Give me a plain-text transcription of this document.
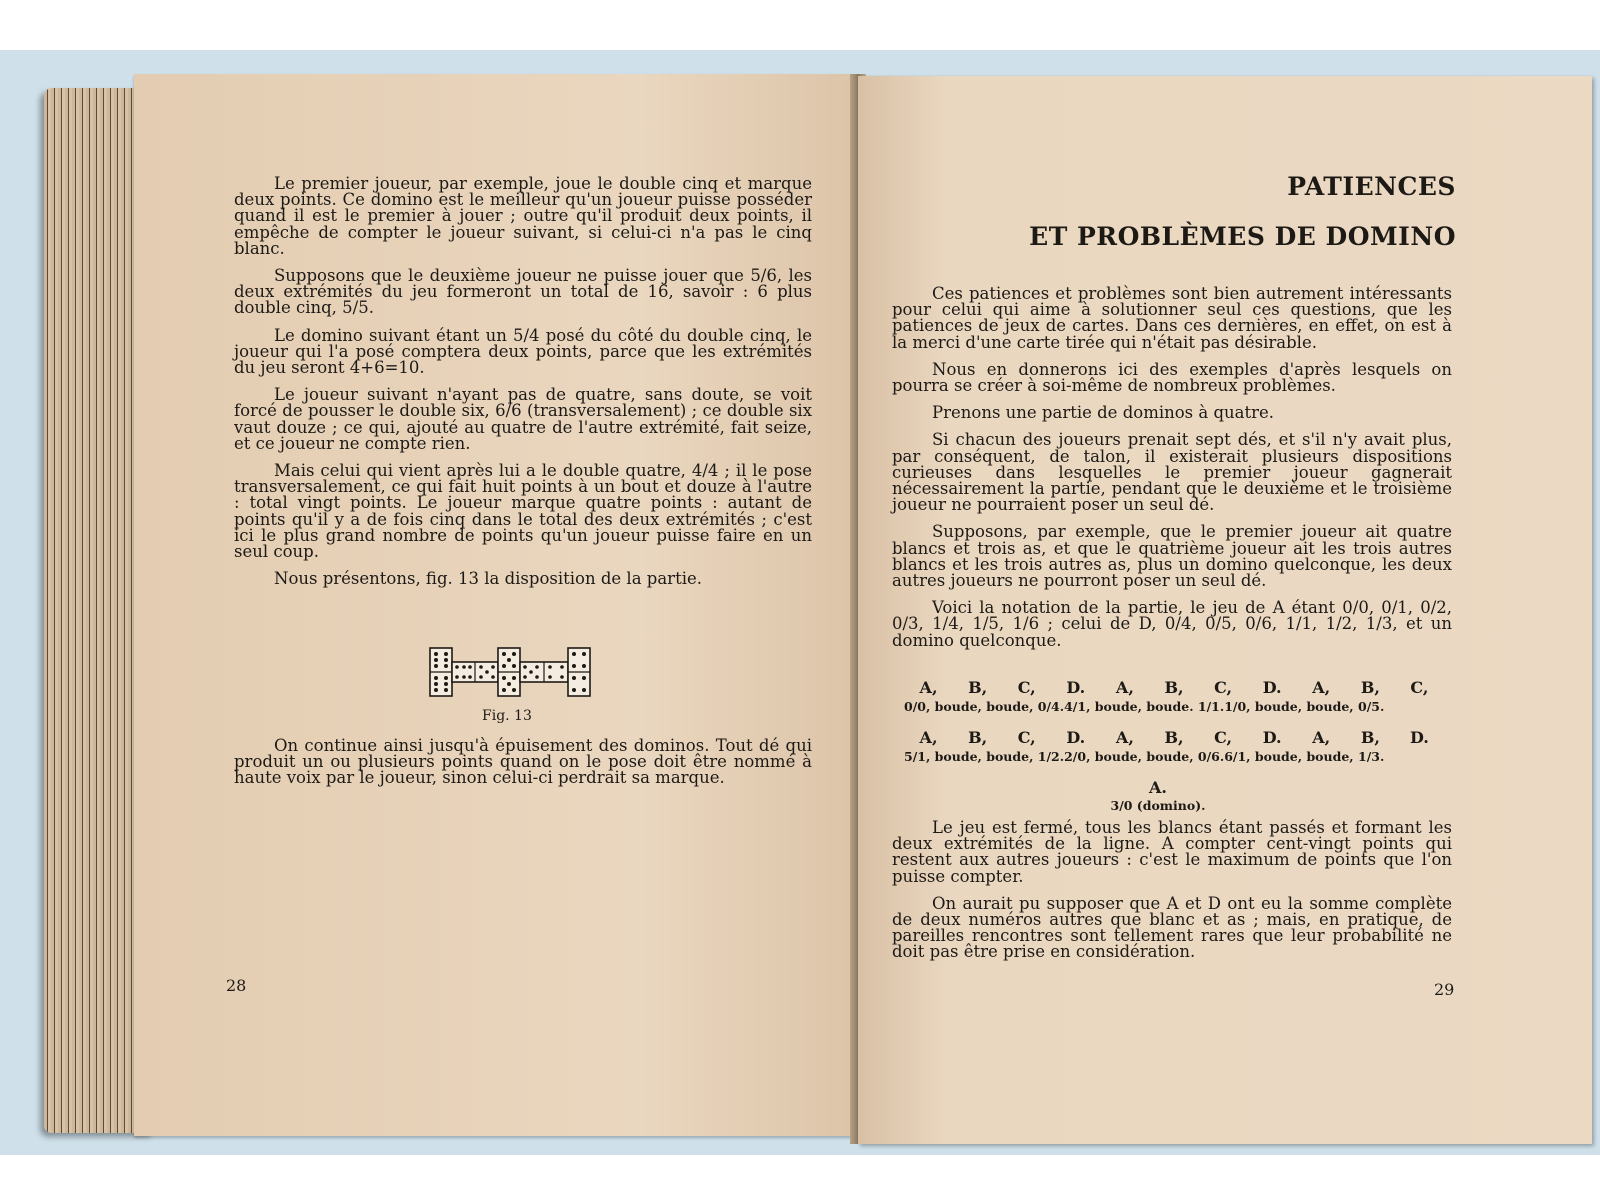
Le premier joueur, par exemple, joue le double cinq et marque deux points. Ce domino est le meilleur qu'un joueur puisse posséder quand il est le premier à jouer ; outre qu'il produit deux points, il empêche de compter le joueur suivant, si celui-ci n'a pas le cinq blanc.

Supposons que le deuxième joueur ne puisse jouer que 5/6, les deux extrémités du jeu formeront un total de 16, savoir : 6 plus double cinq, 5/5.

Le domino suivant étant un 5/4 posé du côté du double cinq, le joueur qui l'a posé comptera deux points, parce que les extrémités du jeu seront 4+6=10.

Le joueur suivant n'ayant pas de quatre, sans doute, se voit forcé de pousser le double six, 6/6 (transversalement) ; ce double six vaut douze ; ce qui, ajouté au quatre de l'autre extrémité, fait seize, et ce joueur ne compte rien.

Mais celui qui vient après lui a le double quatre, 4/4 ; il le pose transversalement, ce qui fait huit points à un bout et douze à l'autre : total vingt points. Le joueur marque quatre points : autant de points qu'il y a de fois cinq dans le total des deux extrémités ; c'est ici le plus grand nombre de points qu'un joueur puisse faire en un seul coup.

Nous présentons, fig. 13 la disposition de la partie.

Fig. 13

On continue ainsi jusqu'à épuisement des dominos. Tout dé qui produit un ou plusieurs points quand on le pose doit être nommé à haute voix par le joueur, sinon celui-ci perdrait sa marque.

28
PATIENCES
ET PROBLÈMES DE DOMINO

Ces patiences et problèmes sont bien autrement intéressants pour celui qui aime à solutionner seul ces questions, que les patiences de jeux de cartes. Dans ces dernières, en effet, on est à la merci d'une carte tirée qui n'était pas désirable.

Nous en donnerons ici des exemples d'après lesquels on pourra se créer à soi-même de nombreux problèmes.

Prenons une partie de dominos à quatre.

Si chacun des joueurs prenait sept dés, et s'il n'y avait plus, par conséquent, de talon, il existerait plusieurs dispositions curieuses dans lesquelles le premier joueur gagnerait nécessairement la partie, pendant que le deuxième et le troisième joueur ne pourraient poser un seul dé.

Supposons, par exemple, que le premier joueur ait quatre blancs et trois as, et que le quatrième joueur ait les trois autres blancs et les trois autres as, plus un domino quelconque, les deux autres joueurs ne pourront poser un seul dé.

Voici la notation de la partie, le jeu de A étant 0/0, 0/1, 0/2, 0/3, 1/4, 1/5, 1/6 ; celui de D, 0/4, 0/5, 0/6, 1/1, 1/2, 1/3, et un domino quelconque.

A,	B,	C,	D.	A,	B,	C,	D.	A,	B,	C,
0/0, boude, boude, 0/4. 4/1, boude, boude. 1/1. 1/0, boude, boude, 0/5.
A,	B,	C,	D.	A,	B,	C,	D.	A,	B,	D.
5/1, boude, boude, 1/2. 2/0, boude, boude, 0/6. 6/1, boude, boude, 1/3.
A.
3/0 (domino).

Le jeu est fermé, tous les blancs étant passés et formant les deux extrémités de la ligne. A compter cent-vingt points qui restent aux autres joueurs : c'est le maximum de points que l'on puisse compter.

On aurait pu supposer que A et D ont eu la somme complète de deux numéros autres que blanc et as ; mais, en pratique, de pareilles rencontres sont tellement rares que leur probabilité ne doit pas être prise en considération.

29
